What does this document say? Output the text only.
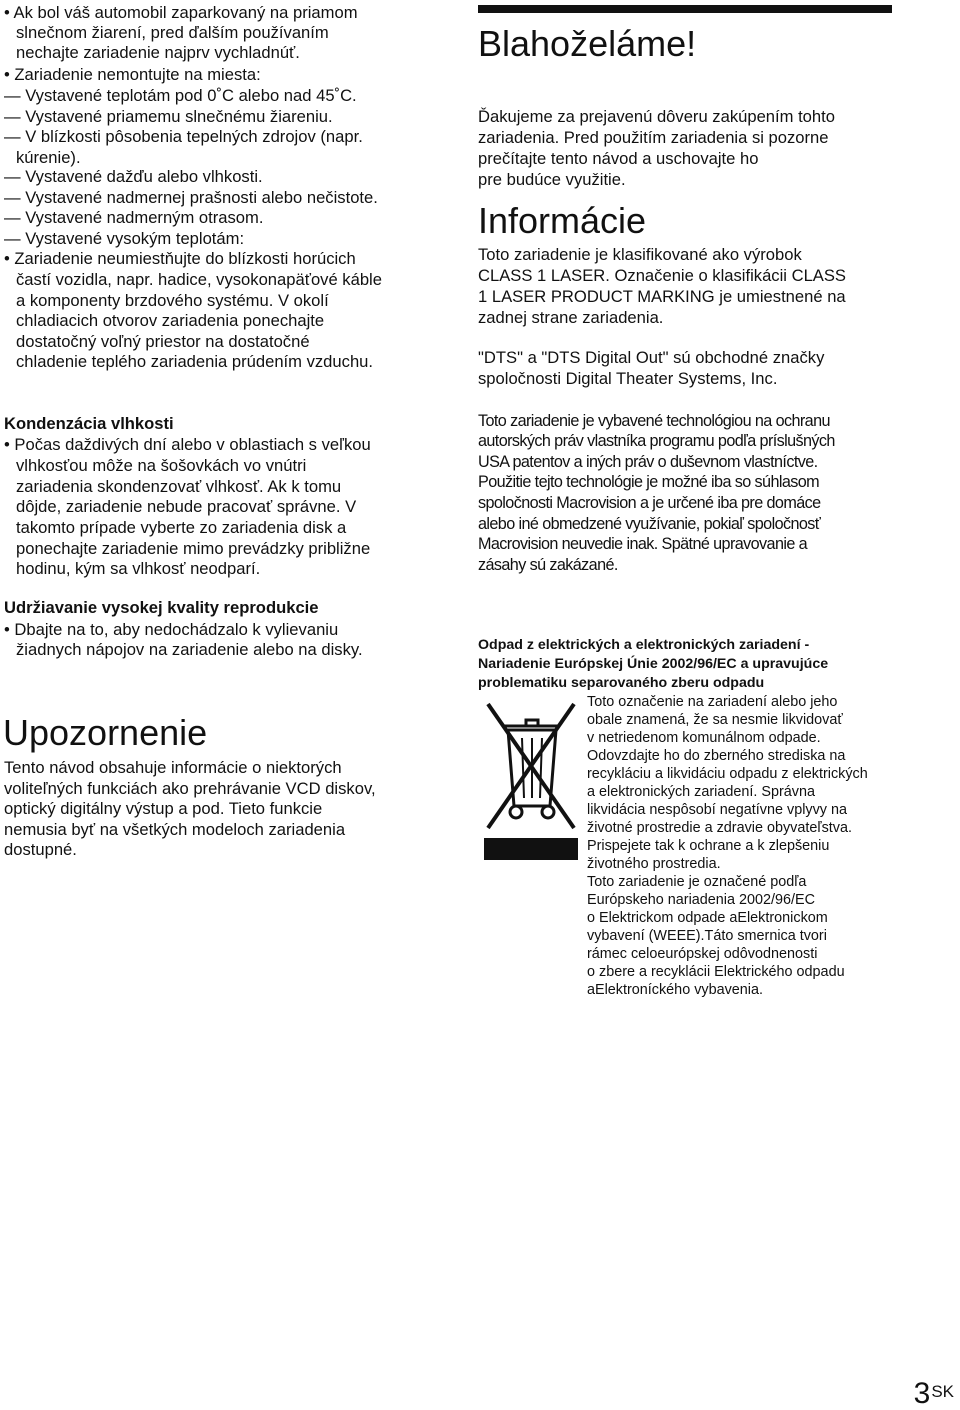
• Ak bol váš automobil zaparkovaný na priamom
slnečnom žiarení, pred ďalším používaním
nechajte zariadenie najprv vychladnúť.
• Zariadenie nemontujte na miesta:
— Vystavené teplotám pod 0˚C alebo nad 45˚C.
— Vystavené priamemu slnečnému žiareniu.
— V blízkosti pôsobenia tepelných zdrojov (napr.
kúrenie).
— Vystavené dažďu alebo vlhkosti.
— Vystavené nadmernej prašnosti alebo nečistote.
— Vystavené nadmerným otrasom.
— Vystavené vysokým teplotám:
• Zariadenie neumiestňujte do blízkosti horúcich
častí vozidla, napr. hadice, vysokonapäťové káble
a komponenty brzdového systému. V okolí
chladiacich otvorov zariadenia ponechajte
dostatočný voľný priestor na dostatočné
chladenie teplého zariadenia prúdením vzduchu.
Kondenzácia vlhkosti
• Počas daždivých dní alebo v oblastiach s veľkou
vlhkosťou môže na šošovkách vo vnútri
zariadenia skondenzovať vlhkosť. Ak k tomu
dôjde, zariadenie nebude pracovať správne. V
takomto prípade vyberte zo zariadenia disk a
ponechajte zariadenie mimo prevádzky približne
hodinu, kým sa vlhkosť neodparí.
Udržiavanie vysokej kvality reprodukcie
• Dbajte na to, aby nedochádzalo k vylievaniu
žiadnych nápojov na zariadenie alebo na disky.
Upozornenie
Tento návod obsahuje informácie o niektorých
voliteľných funkciách ako prehrávanie VCD diskov,
optický digitálny výstup a pod. Tieto funkcie
nemusia byť na všetkých modeloch zariadenia
dostupné.
Blahoželáme!
Ďakujeme za prejavenú dôveru zakúpením tohto
zariadenia. Pred použitím zariadenia si pozorne
prečítajte tento návod a uschovajte ho
pre budúce využitie.
Informácie
Toto zariadenie je klasifikované ako výrobok
CLASS 1 LASER. Označenie o klasifikácii CLASS
1 LASER PRODUCT MARKING je umiestnené na
zadnej strane zariadenia.
"DTS" a "DTS Digital Out" sú obchodné značky
spoločnosti Digital Theater Systems, Inc.
Toto zariadenie je vybavené technológiou na ochranu
autorských práv vlastníka programu podľa príslušných
USA patentov a iných práv o duševnom vlastníctve.
Použitie tejto technológie je možné iba so súhlasom
spoločnosti Macrovision a je určené iba pre domáce
alebo iné obmedzené využívanie, pokiaľ spoločnosť
Macrovision neuvedie inak. Spätné upravovanie a
zásahy sú zakázané.
Odpad z elektrických a elektronických zariadení -
Nariadenie Európskej Únie 2002/96/EC a upravujúce
problematiku separovaného zberu odpadu
Toto označenie na zariadení alebo jeho
obale znamená, že sa nesmie likvidovať
v netriedenom komunálnom odpade.
Odovzdajte ho do zberného strediska na
recykláciu a likvidáciu odpadu z elektrických
a elektronických zariadení. Správna
likvidácia nespôsobí negatívne vplyvy na
životné prostredie a zdravie obyvateľstva.
Prispejete tak k ochrane a k zlepšeniu
životného prostredia.
Toto zariadenie je označené podľa
Európskeho nariadenia 2002/96/EC
o Elektrickom odpade aElektronickom
vybavení (WEEE).Táto smernica tvori
rámec celoeurópskej odôvodnenosti
o zbere a recyklácii Elektrického odpadu
aElektroníckého vybavenia.
$3^{SK}$
